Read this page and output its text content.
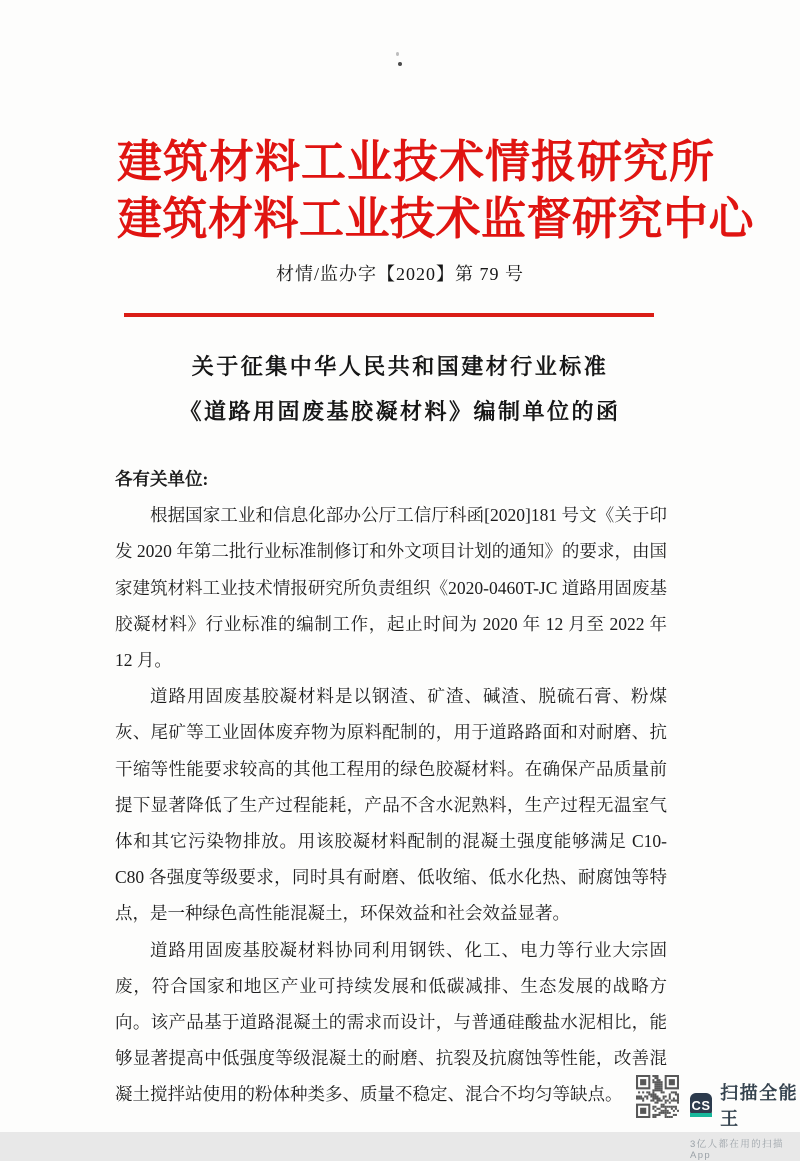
建筑材料工业技术情报研究所
建筑材料工业技术监督研究中心
材情/监办字【2020】第 79 号
关于征集中华人民共和国建材行业标准
《道路用固废基胶凝材料》编制单位的函

各有关单位:

根据国家工业和信息化部办公厅工信厅科函[2020]181 号文《关于印发 2020 年第二批行业标准制修订和外文项目计划的通知》的要求，由国家建筑材料工业技术情报研究所负责组织《2020-0460T-JC 道路用固废基胶凝材料》行业标准的编制工作，起止时间为 2020 年 12 月至 2022 年 12 月。

道路用固废基胶凝材料是以钢渣、矿渣、碱渣、脱硫石膏、粉煤灰、尾矿等工业固体废弃物为原料配制的，用于道路路面和对耐磨、抗干缩等性能要求较高的其他工程用的绿色胶凝材料。在确保产品质量前提下显著降低了生产过程能耗，产品不含水泥熟料，生产过程无温室气体和其它污染物排放。用该胶凝材料配制的混凝土强度能够满足 C10-C80 各强度等级要求，同时具有耐磨、低收缩、低水化热、耐腐蚀等特点，是一种绿色高性能混凝土，环保效益和社会效益显著。

道路用固废基胶凝材料协同利用钢铁、化工、电力等行业大宗固废，符合国家和地区产业可持续发展和低碳减排、生态发展的战略方向。该产品基于道路混凝土的需求而设计，与普通硅酸盐水泥相比，能够显著提高中低强度等级混凝土的耐磨、抗裂及抗腐蚀等性能，改善混凝土搅拌站使用的粉体种类多、质量不稳定、混合不均匀等缺点。

CS
扫描全能王
3亿人都在用的扫描App
